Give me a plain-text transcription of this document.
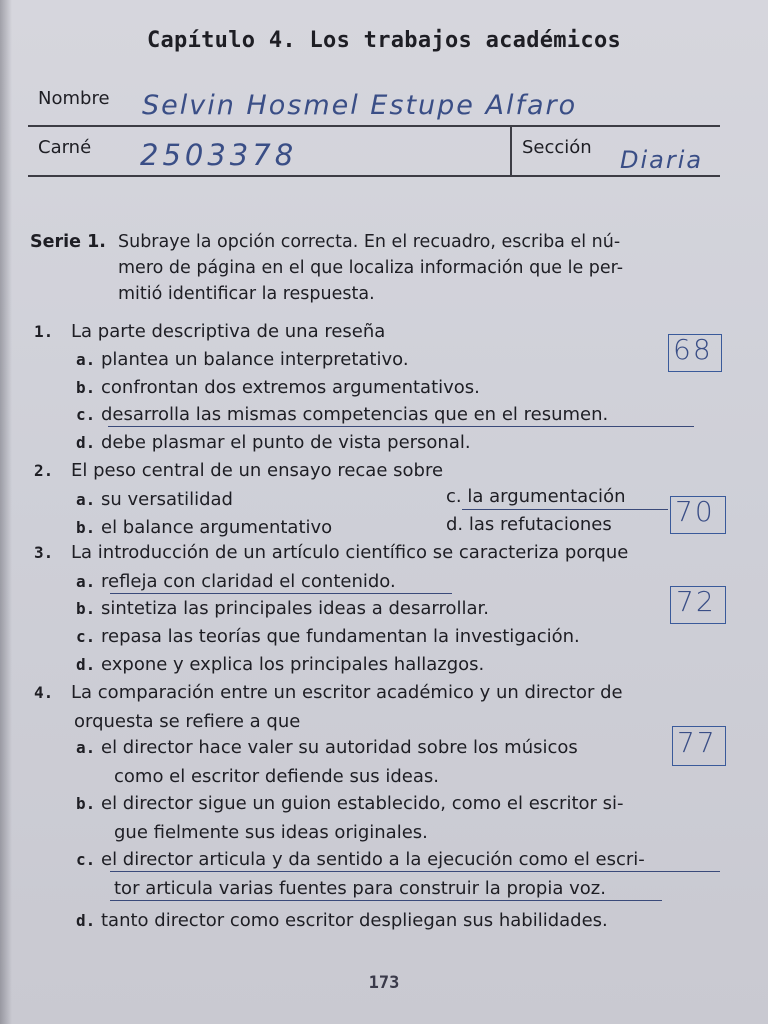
Capítulo 4. Los trabajos académicos
Nombre Selvin Hosmel Estupe Alfaro
Carné 2503378	Sección Diaria
Serie 1. Subraye la opción correcta. En el recuadro, escriba el nú-
mero de página en el que localiza información que le per-
mitió identificar la respuesta.
1. La parte descriptiva de una reseña
a. plantea un balance interpretativo.
b. confrontan dos extremos argumentativos.
c. desarrolla las mismas competencias que en el resumen.
d. debe plasmar el punto de vista personal.
68
2. El peso central de un ensayo recae sobre
a. su versatilidad	c. la argumentación
b. el balance argumentativo	d. las refutaciones 70
3. La introducción de un artículo científico se caracteriza porque
a. refleja con claridad el contenido.
b. sintetiza las principales ideas a desarrollar.
c. repasa las teorías que fundamentan la investigación.
d. expone y explica los principales hallazgos.
72
4. La comparación entre un escritor académico y un director de
orquesta se refiere a que
a. el director hace valer su autoridad sobre los músicos
como el escritor defiende sus ideas.
b. el director sigue un guion establecido, como el escritor si-
gue fielmente sus ideas originales.
c. el director articula y da sentido a la ejecución como el escri-
tor articula varias fuentes para construir la propia voz.
d. tanto director como escritor despliegan sus habilidades.
77
173
